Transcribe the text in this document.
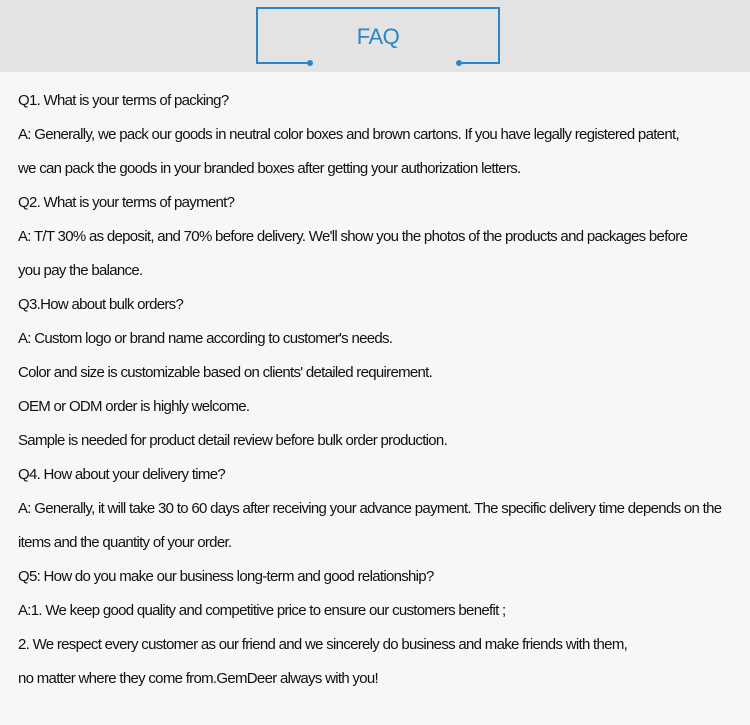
FAQ
Q1. What is your terms of packing?
A: Generally, we pack our goods in neutral color boxes and brown cartons. If you have legally registered patent,
we can pack the goods in your branded boxes after getting your authorization letters.
Q2. What is your terms of payment?
A: T/T 30% as deposit, and 70% before delivery. We'll show you the photos of the products and packages before
you pay the balance.
Q3.How about bulk orders?
A: Custom logo or brand name according to customer's needs.
Color and size is customizable based on clients' detailed requirement.
OEM or ODM order is highly welcome.
Sample is needed for product detail review before bulk order production.
Q4. How about your delivery time?
A: Generally, it will take 30 to 60 days after receiving your advance payment. The specific delivery time depends on the
items and the quantity of your order.
Q5: How do you make our business long-term and good relationship?
A:1. We keep good quality and competitive price to ensure our customers benefit ;
2. We respect every customer as our friend and we sincerely do business and make friends with them,
no matter where they come from.GemDeer always with you!
